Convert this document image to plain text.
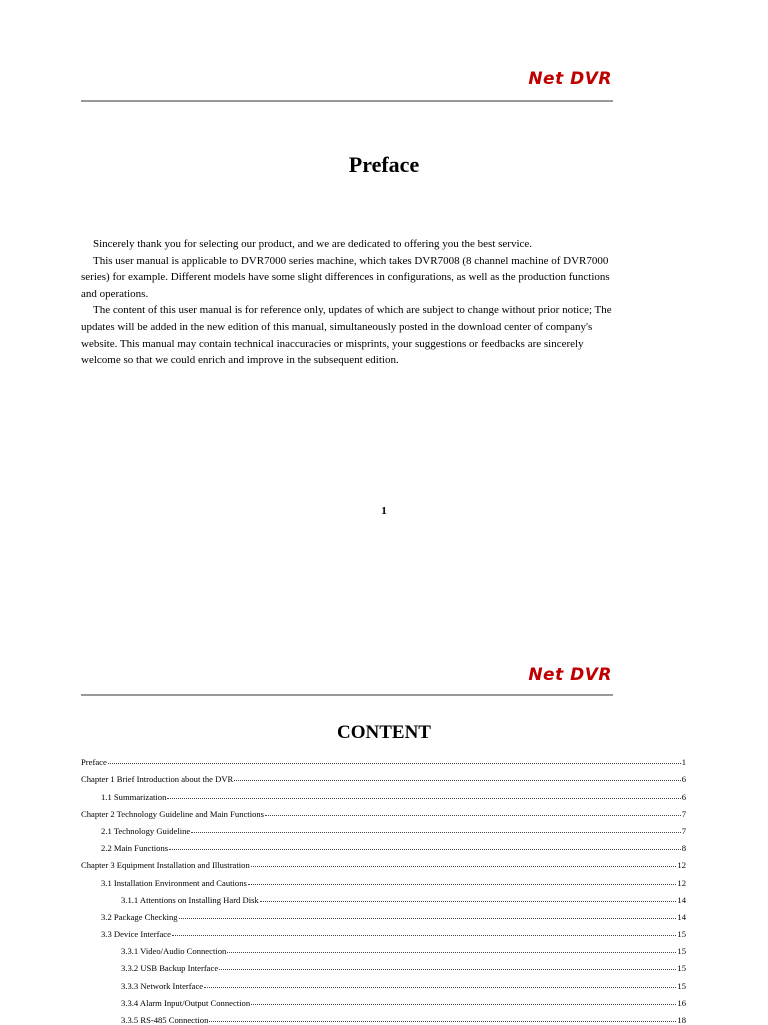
Net DVR
Preface

Sincerely thank you for selecting our product, and we are dedicated to offering you the best service.

This user manual is applicable to DVR7000 series machine, which takes DVR7008 (8 channel machine of DVR7000 series) for example. Different models have some slight differences in configurations, as well as the production functions and operations.

The content of this user manual is for reference only, updates of which are subject to change without prior notice; The updates will be added in the new edition of this manual, simultaneously posted in the download center of company's website. This manual may contain technical inaccuracies or misprints, your suggestions or feedbacks are sincerely welcome so that we could enrich and improve in the subsequent edition.

1
Net DVR
CONTENT
Preface	1
Chapter 1 Brief Introduction about the DVR	6
1.1 Summarization	6
Chapter 2 Technology Guideline and Main Functions	7
2.1 Technology Guideline	7
2.2 Main Functions	8
Chapter 3 Equipment Installation and Illustration	12
3.1 Installation Environment and Cautions	12
3.1.1 Attentions on Installing Hard Disk	14
3.2 Package Checking	14
3.3 Device Interface	15
3.3.1 Video/Audio Connection	15
3.3.2 USB Backup Interface	15
3.3.3 Network Interface	15
3.3.4 Alarm Input/Output Connection	16
3.3.5 RS-485 Connection	18
